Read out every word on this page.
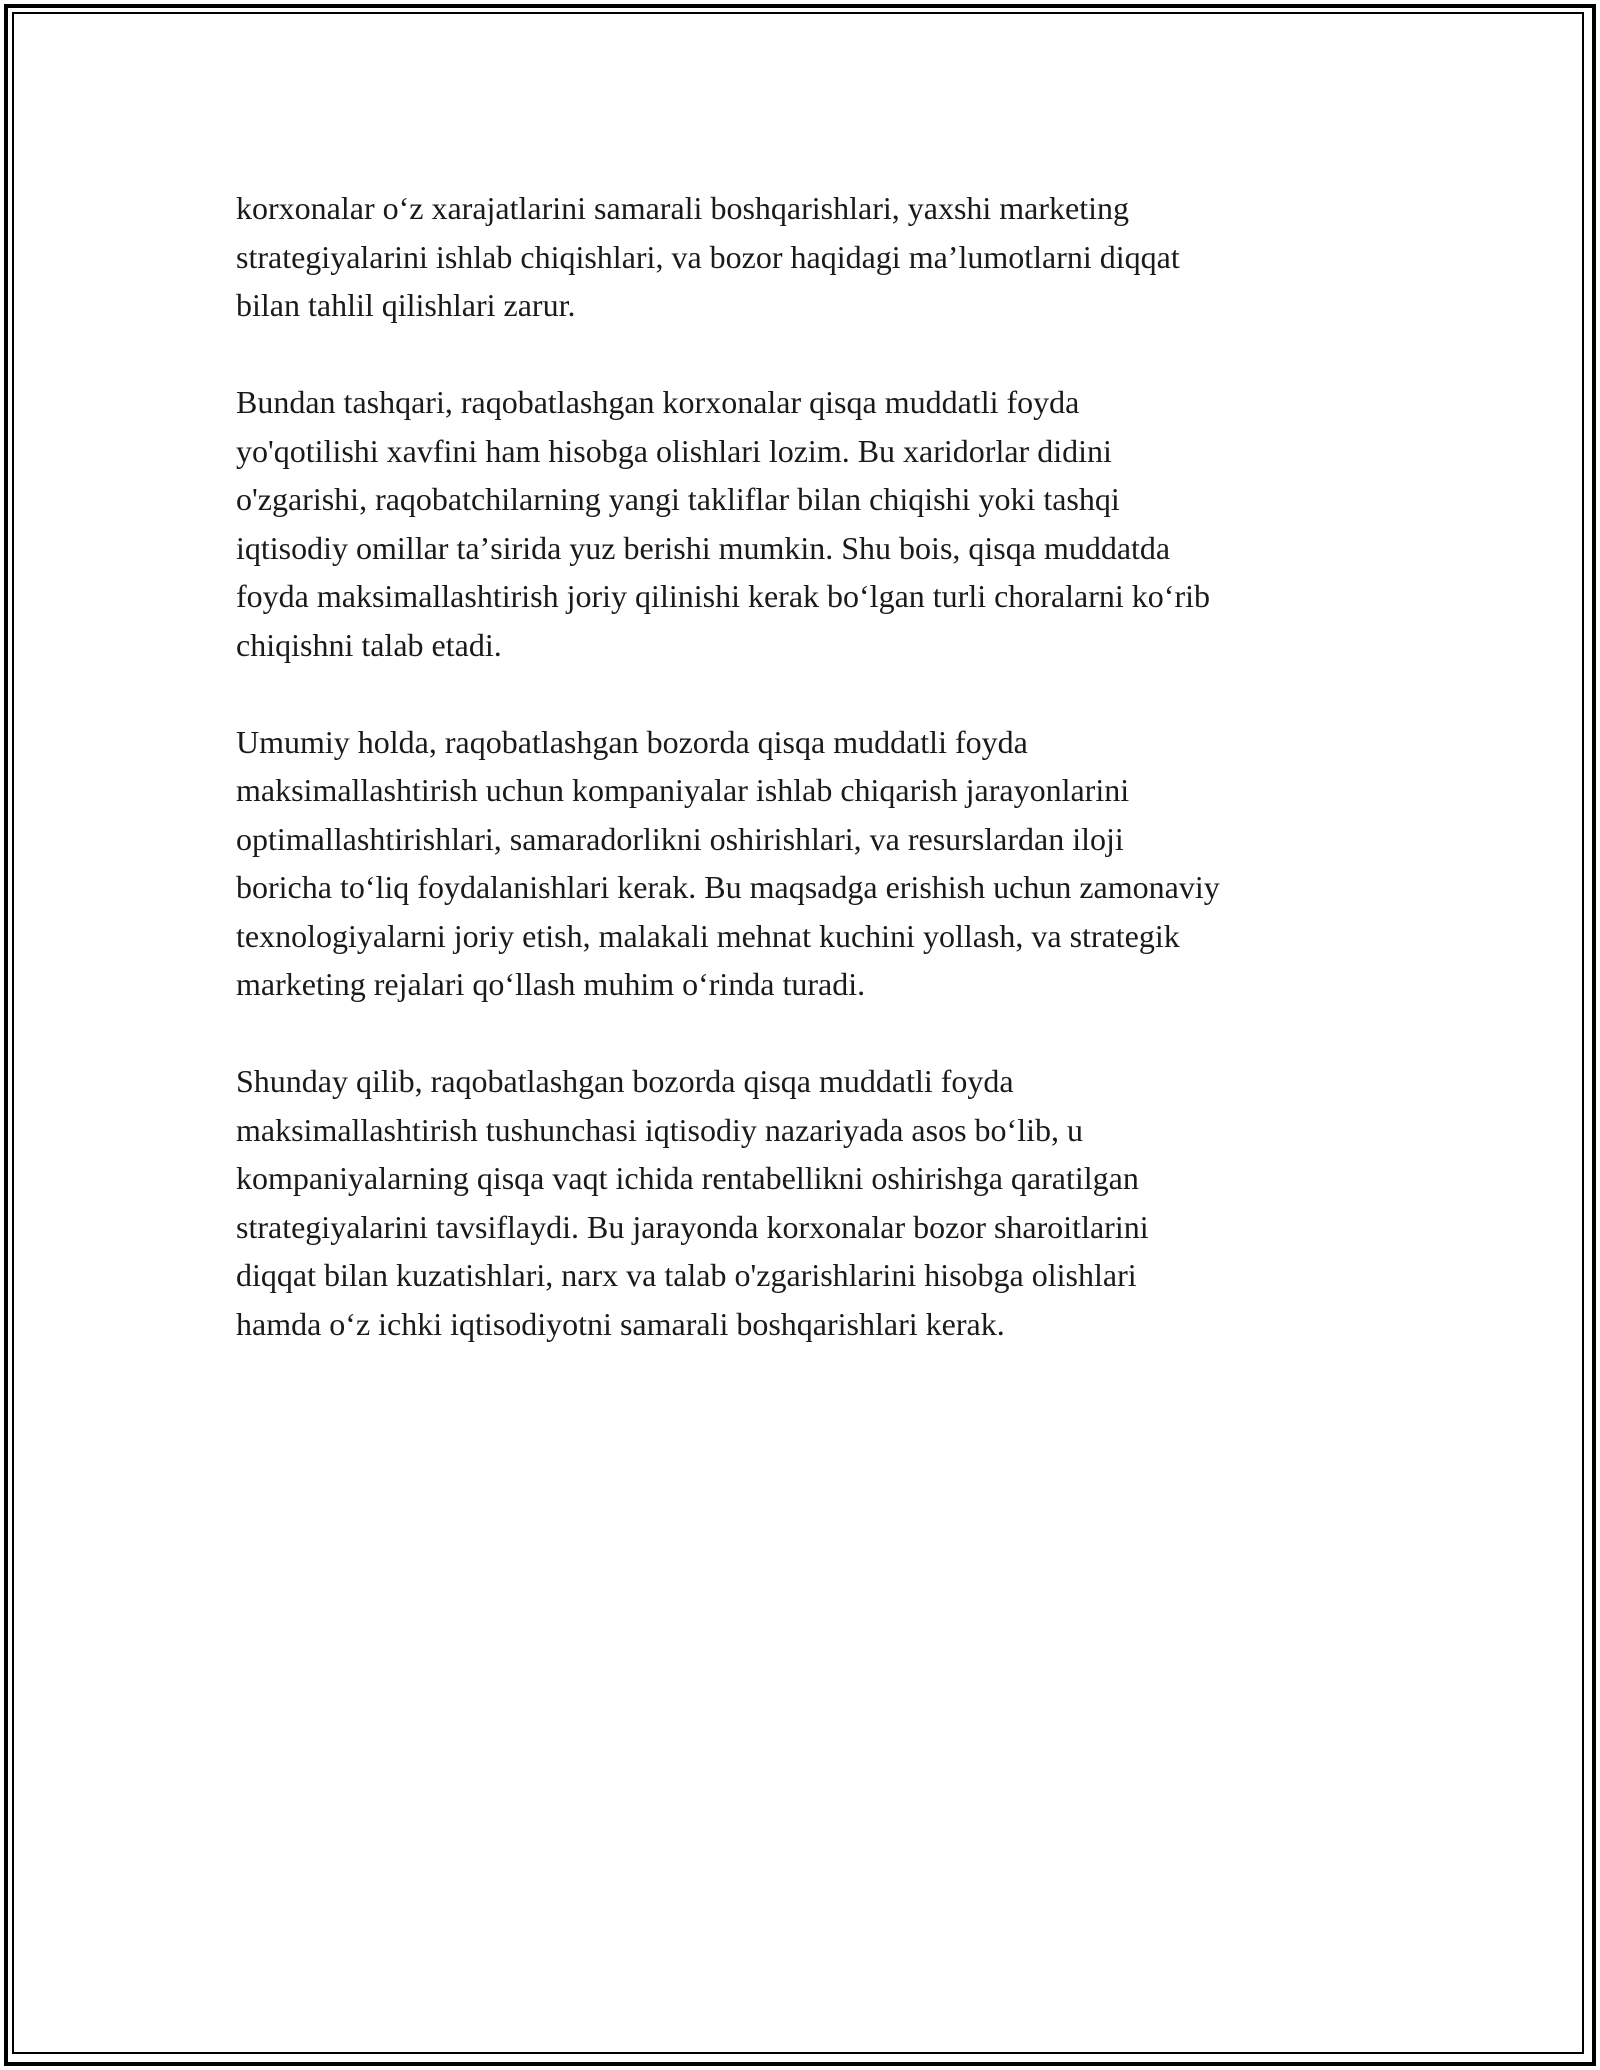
korxonalar oʻz xarajatlarini samarali boshqarishlari, yaxshi marketing
strategiyalarini ishlab chiqishlari, va bozor haqidagi maʼlumotlarni diqqat
bilan tahlil qilishlari zarur.

Bundan tashqari, raqobatlashgan korxonalar qisqa muddatli foyda
yo'qotilishi xavfini ham hisobga olishlari lozim. Bu xaridorlar didini
o'zgarishi, raqobatchilarning yangi takliflar bilan chiqishi yoki tashqi
iqtisodiy omillar taʼsirida yuz berishi mumkin. Shu bois, qisqa muddatda
foyda maksimallashtirish joriy qilinishi kerak boʻlgan turli choralarni koʻrib
chiqishni talab etadi.

Umumiy holda, raqobatlashgan bozorda qisqa muddatli foyda
maksimallashtirish uchun kompaniyalar ishlab chiqarish jarayonlarini
optimallashtirishlari, samaradorlikni oshirishlari, va resurslardan iloji
boricha toʻliq foydalanishlari kerak. Bu maqsadga erishish uchun zamonaviy
texnologiyalarni joriy etish, malakali mehnat kuchini yollash, va strategik
marketing rejalari qoʻllash muhim oʻrinda turadi.

Shunday qilib, raqobatlashgan bozorda qisqa muddatli foyda
maksimallashtirish tushunchasi iqtisodiy nazariyada asos boʻlib, u
kompaniyalarning qisqa vaqt ichida rentabellikni oshirishga qaratilgan
strategiyalarini tavsiflaydi. Bu jarayonda korxonalar bozor sharoitlarini
diqqat bilan kuzatishlari, narx va talab o'zgarishlarini hisobga olishlari
hamda oʻz ichki iqtisodiyotni samarali boshqarishlari kerak.
